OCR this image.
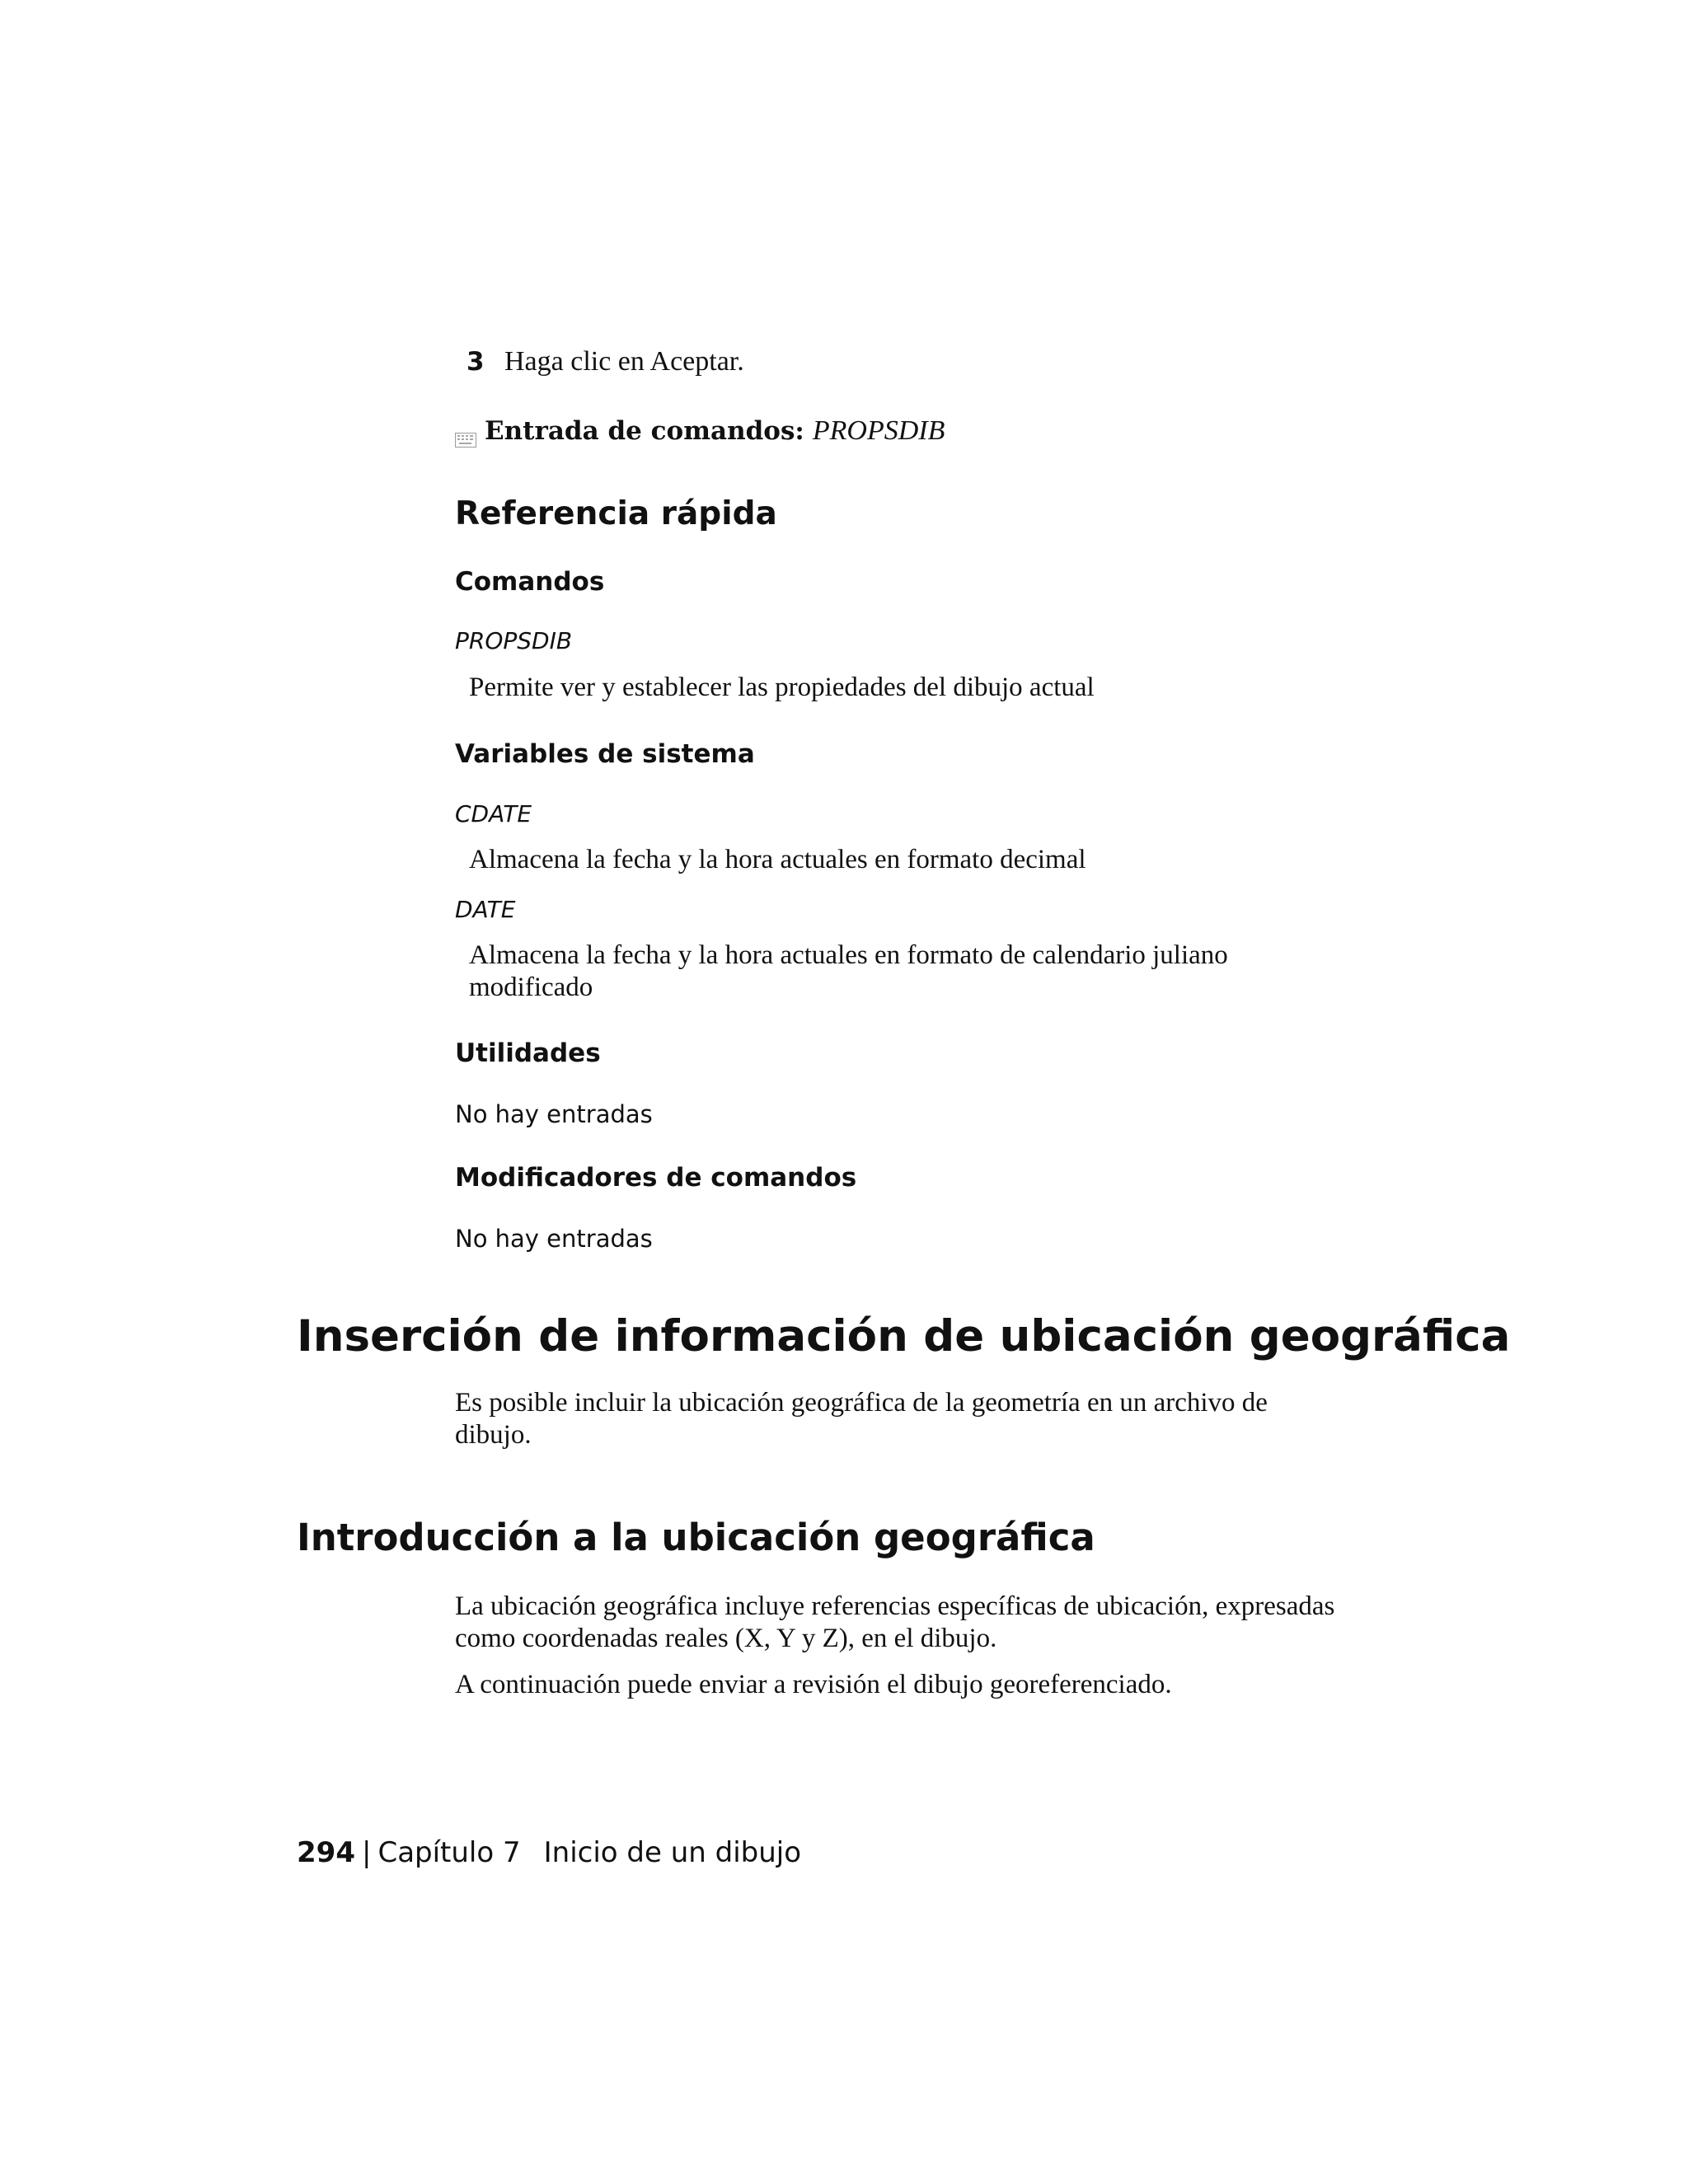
3 Haga clic en Aceptar.
Entrada de comandos: PROPSDIB
Referencia rápida
Comandos
PROPSDIB
Permite ver y establecer las propiedades del dibujo actual
Variables de sistema
CDATE
Almacena la fecha y la hora actuales en formato decimal
DATE
Almacena la fecha y la hora actuales en formato de calendario juliano modificado
Utilidades
No hay entradas
Modificadores de comandos
No hay entradas
Inserción de información de ubicación geográfica
Es posible incluir la ubicación geográfica de la geometría en un archivo de dibujo.
Introducción a la ubicación geográfica
La ubicación geográfica incluye referencias específicas de ubicación, expresadas como coordenadas reales (X, Y y Z), en el dibujo.
A continuación puede enviar a revisión el dibujo georeferenciado.
294 | Capítulo 7 Inicio de un dibujo
